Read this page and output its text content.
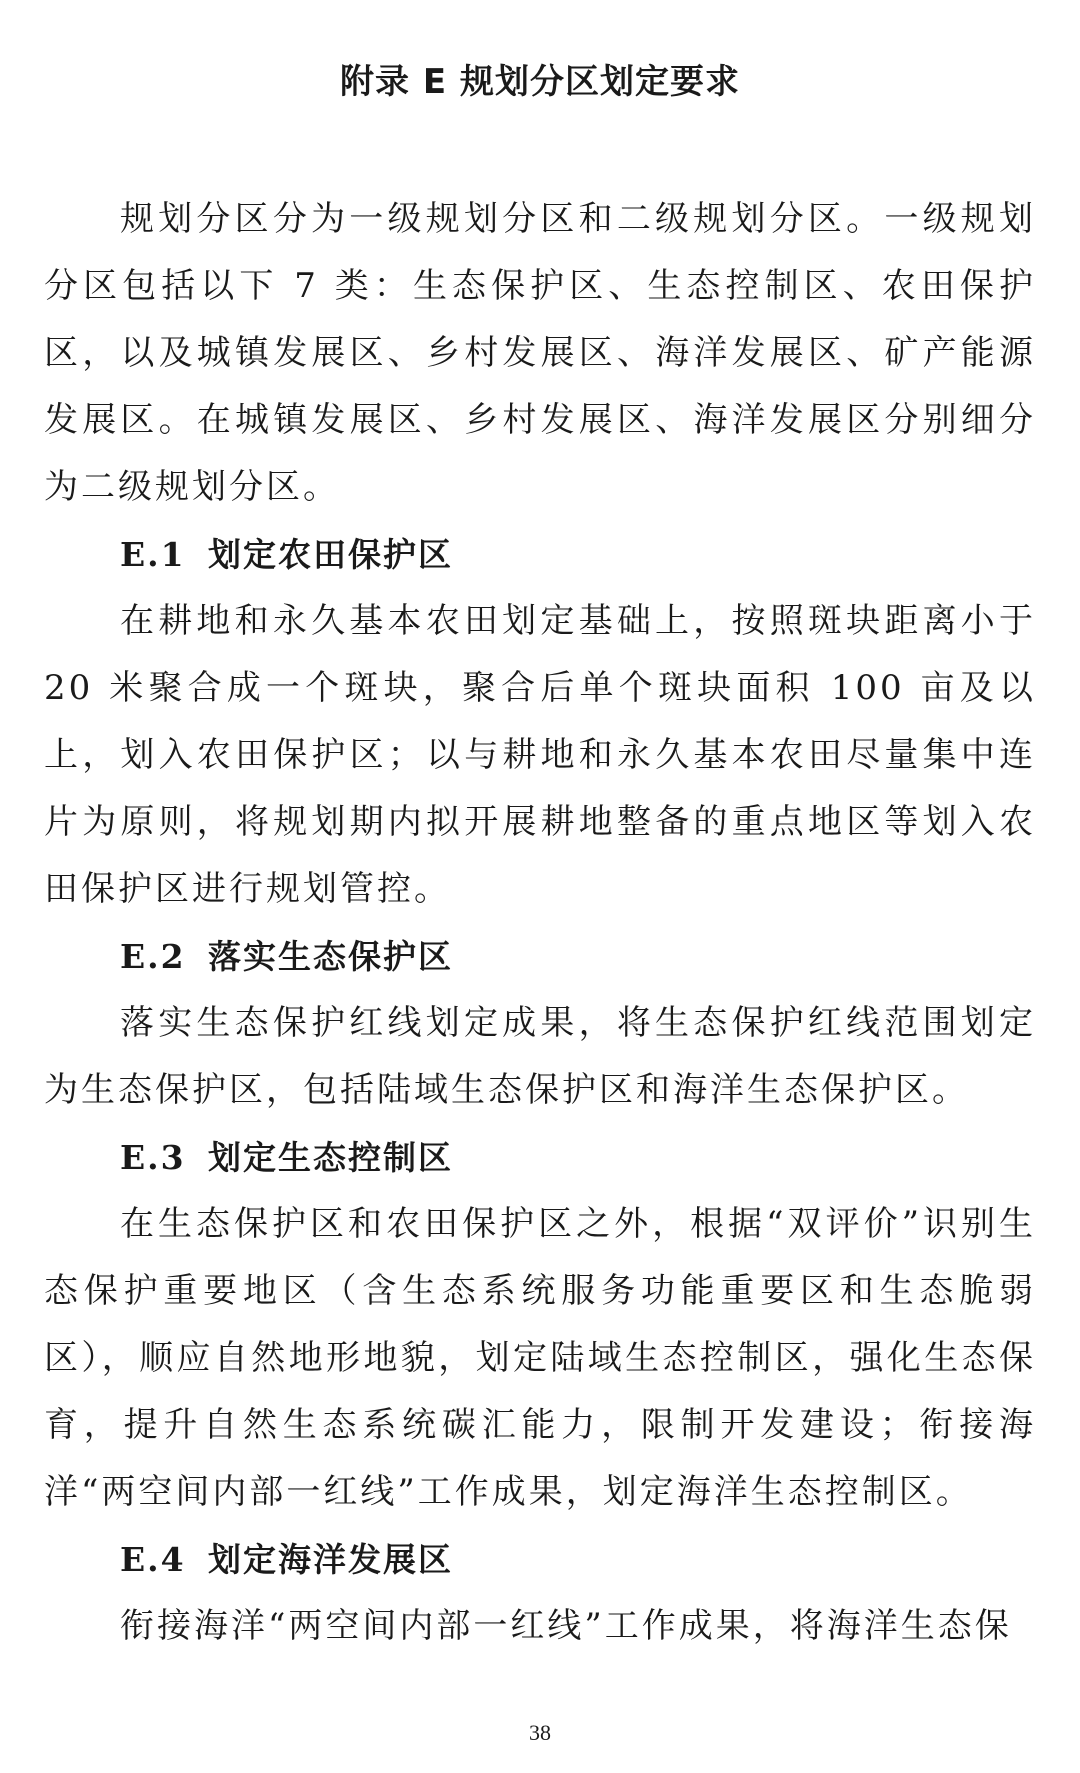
附录 E 规划分区划定要求

规划分区分为一级规划分区和二级规划分区。一级规划分区包括以下 7 类：生态保护区、生态控制区、农田保护区，以及城镇发展区、乡村发展区、海洋发展区、矿产能源发展区。在城镇发展区、乡村发展区、海洋发展区分别细分为二级规划分区。

E.1 划定农田保护区

在耕地和永久基本农田划定基础上，按照斑块距离小于 20 米聚合成一个斑块，聚合后单个斑块面积 100 亩及以上，划入农田保护区；以与耕地和永久基本农田尽量集中连片为原则，将规划期内拟开展耕地整备的重点地区等划入农田保护区进行规划管控。

E.2 落实生态保护区

落实生态保护红线划定成果，将生态保护红线范围划定为生态保护区，包括陆域生态保护区和海洋生态保护区。

E.3 划定生态控制区

在生态保护区和农田保护区之外，根据“双评价”识别生态保护重要地区（含生态系统服务功能重要区和生态脆弱区），顺应自然地形地貌，划定陆域生态控制区，强化生态保育，提升自然生态系统碳汇能力，限制开发建设；衔接海洋“两空间内部一红线”工作成果，划定海洋生态控制区。

E.4 划定海洋发展区

衔接海洋“两空间内部一红线”工作成果，将海洋生态保

38
